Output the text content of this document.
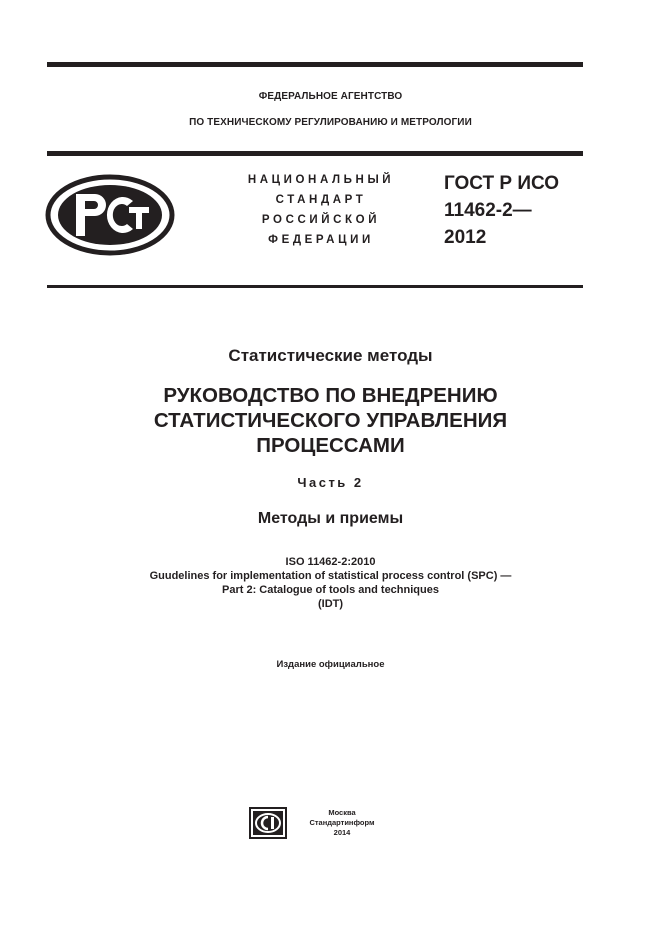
ФЕДЕРАЛЬНОЕ АГЕНТСТВО
ПО ТЕХНИЧЕСКОМУ РЕГУЛИРОВАНИЮ И МЕТРОЛОГИИ
НАЦИОНАЛЬНЫЙ
СТАНДАРТ
РОССИЙСКОЙ
ФЕДЕРАЦИИ
ГОСТ Р ИСО
11462-2—
2012
Статистические методы
РУКОВОДСТВО ПО ВНЕДРЕНИЮ
СТАТИСТИЧЕСКОГО УПРАВЛЕНИЯ
ПРОЦЕССАМИ
Часть 2
Методы и приемы
ISO 11462-2:2010
Guudelines for implementation of statistical process control (SPC) —
Part 2: Catalogue of tools and techniques
(IDT)
Издание официальное
Москва
Стандартинформ
2014
